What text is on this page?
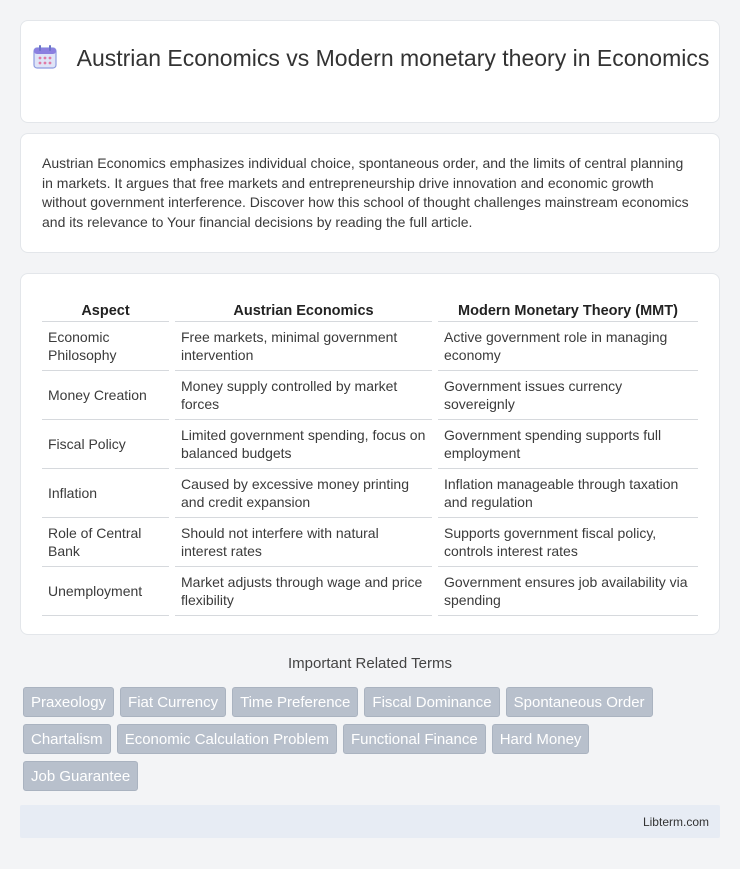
Austrian Economics vs Modern monetary theory in Economics

Austrian Economics emphasizes individual choice, spontaneous order, and the limits of central planning in markets. It argues that free markets and entrepreneurship drive innovation and economic growth without government interference. Discover how this school of thought challenges mainstream economics and its relevance to Your financial decisions by reading the full article.

Aspect	Austrian Economics	Modern Monetary Theory (MMT)
Economic Philosophy	Free markets, minimal government intervention	Active government role in managing economy
Money Creation	Money supply controlled by market forces	Government issues currency sovereignly
Fiscal Policy	Limited government spending, focus on balanced budgets	Government spending supports full employment
Inflation	Caused by excessive money printing and credit expansion	Inflation manageable through taxation and regulation
Role of Central Bank	Should not interfere with natural interest rates	Supports government fiscal policy, controls interest rates
Unemployment	Market adjusts through wage and price flexibility	Government ensures job availability via spending
Important Related Terms
Praxeology	Fiat Currency	Time Preference	Fiscal Dominance	Spontaneous Order
Chartalism	Economic Calculation Problem	Functional Finance	Hard Money
Job Guarantee
Libterm.com
